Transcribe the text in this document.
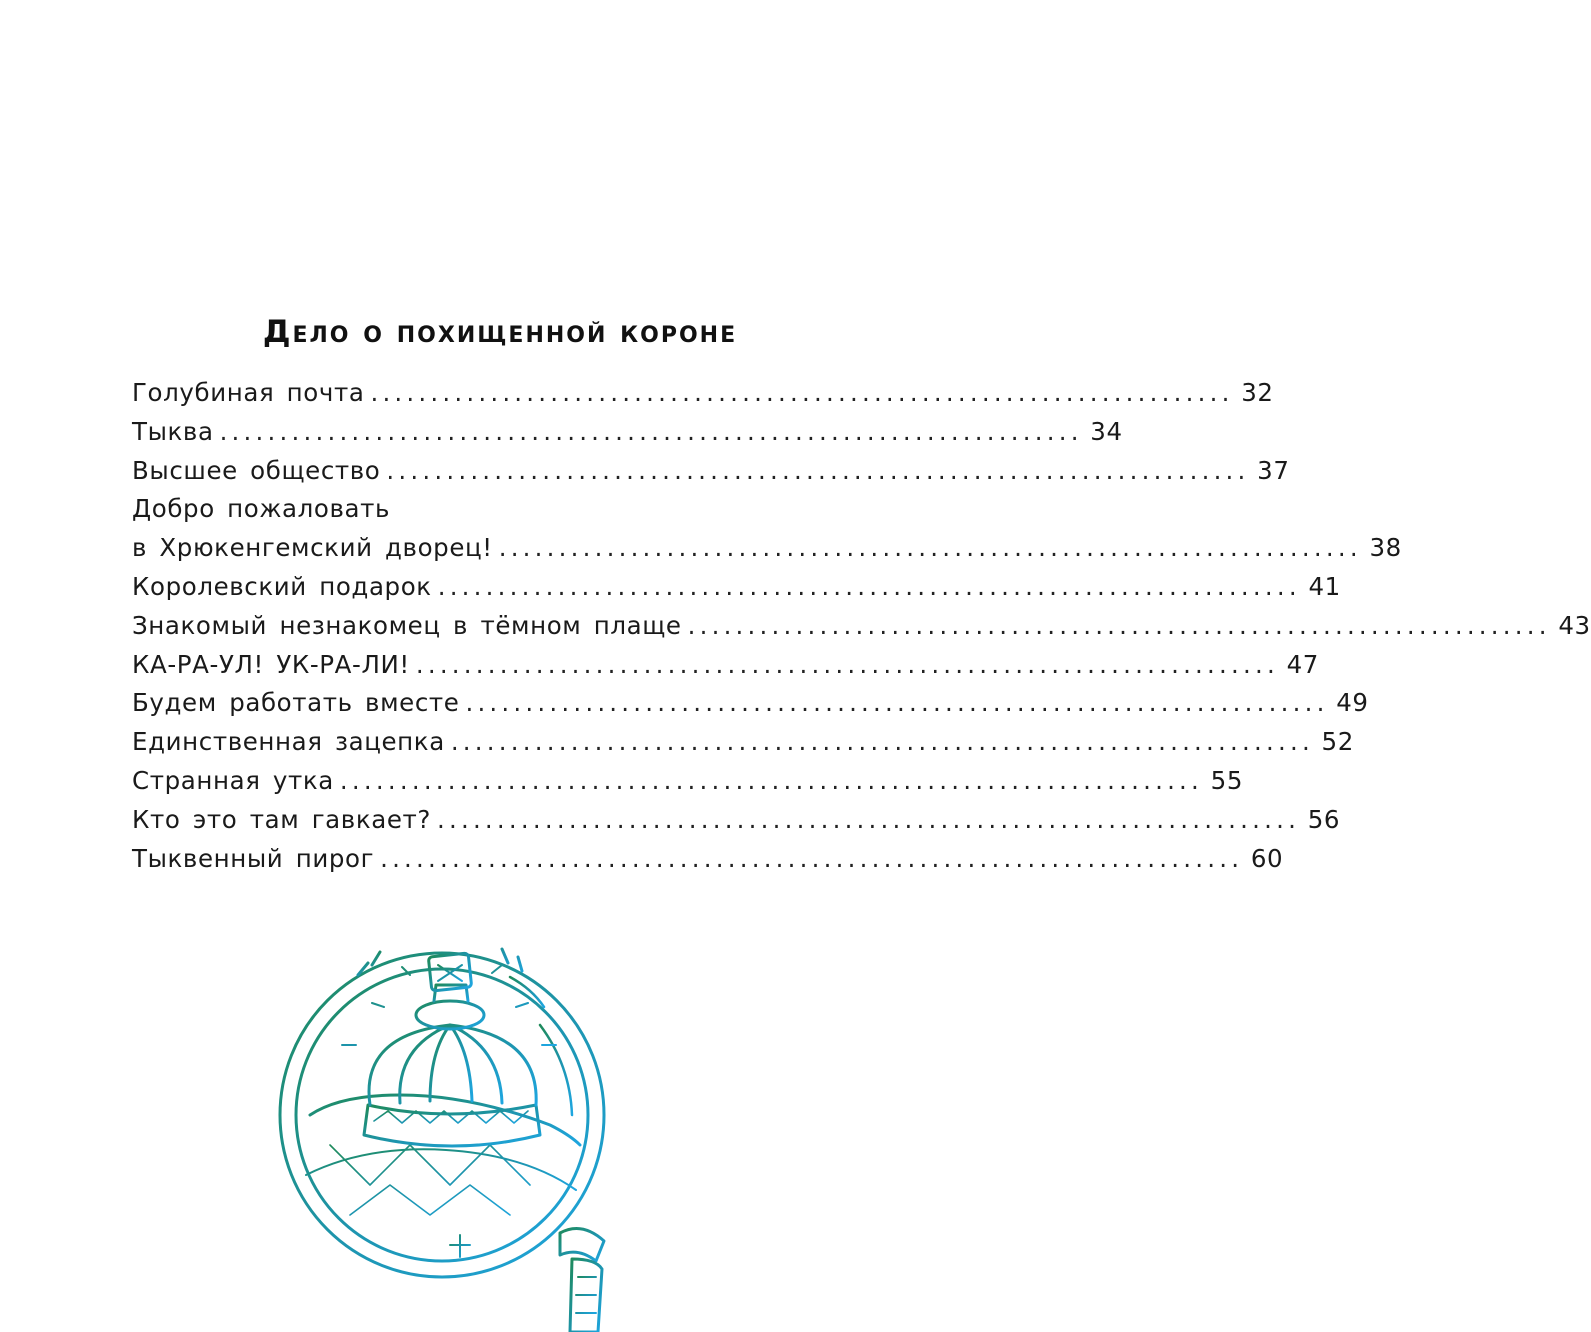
Дело о похищенной короне
Голубиная почта ........................................................................ 32
Тыква ........................................................................ 34
Высшее общество ........................................................................ 37
Добро пожаловать
в Хрюкенгемский дворец! ........................................................................ 38
Королевский подарок ........................................................................ 41
Знакомый незнакомец в тёмном плаще ........................................................................ 43
КА-РА-УЛ! УК-РА-ЛИ! ........................................................................ 47
Будем работать вместе ........................................................................ 49
Единственная зацепка ........................................................................ 52
Странная утка ........................................................................ 55
Кто это там гавкает? ........................................................................ 56
Тыквенный пирог ........................................................................ 60
